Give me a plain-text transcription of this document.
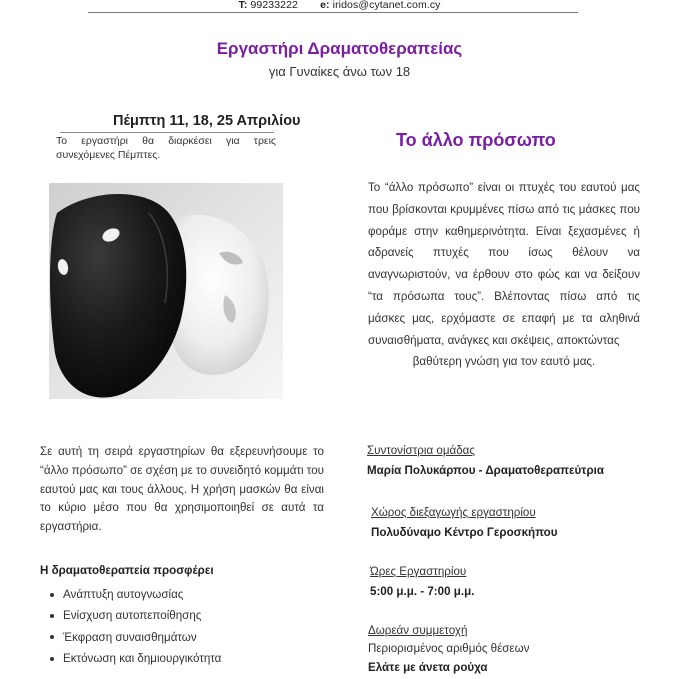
T: 99233222 e: iridos@cytanet.com.cy
Εργαστήρι Δραματοθεραπείας
για Γυναίκες άνω των 18
Πέμπτη 11, 18, 25 Απριλίου
Το εργαστήρι θα διαρκέσει για τρεις συνεχόμενες Πέμπτες.
Το άλλο πρόσωπο
Το “άλλο πρόσωπο” είναι οι πτυχές του εαυτού μας που βρίσκονται κρυμμένες πίσω από τις μάσκες που φοράμε στην καθημερινότητα. Είναι ξεχασμένες ή αδρανείς πτυχές που ίσως θέλουν να αναγνωριστούν, να έρθουν στο φώς και να δείξουν “τα πρόσωπα τους”. Βλέποντας πίσω από τις μάσκες μας, ερχόμαστε σε επαφή με τα αληθινά συναισθήματα, ανάγκες και σκέψεις, αποκτώντας
βαθύτερη γνώση για τον εαυτό μας.
Σε αυτή τη σειρά εργαστηρίων θα εξερευνήσουμε το “άλλο πρόσωπο” σε σχέση με το συνειδητό κομμάτι του εαυτού μας και τους άλλους. Η χρήση μασκών θα είναι το κύριο μέσο που θα χρησιμοποιηθεί σε αυτά τα εργαστήρια.
Η δραματοθεραπεία προσφέρει
Ανάπτυξη αυτογνωσίας
Ενίσχυση αυτοπεποίθησης
Έκφραση συναισθημάτων
Εκτόνωση και δημιουργικότητα
Συντονίστρια ομάδας
Μαρία Πολυκάρπου - Δραματοθεραπεύτρια
Χώρος διεξαγωγής εργαστηρίου
Πολυδύναμο Κέντρο Γεροσκήπου
Ώρες Εργαστηρίου
5:00 μ.μ. - 7:00 μ.μ.
Δωρεάν συμμετοχή
Περιορισμένος αριθμός θέσεων
Ελάτε με άνετα ρούχα
